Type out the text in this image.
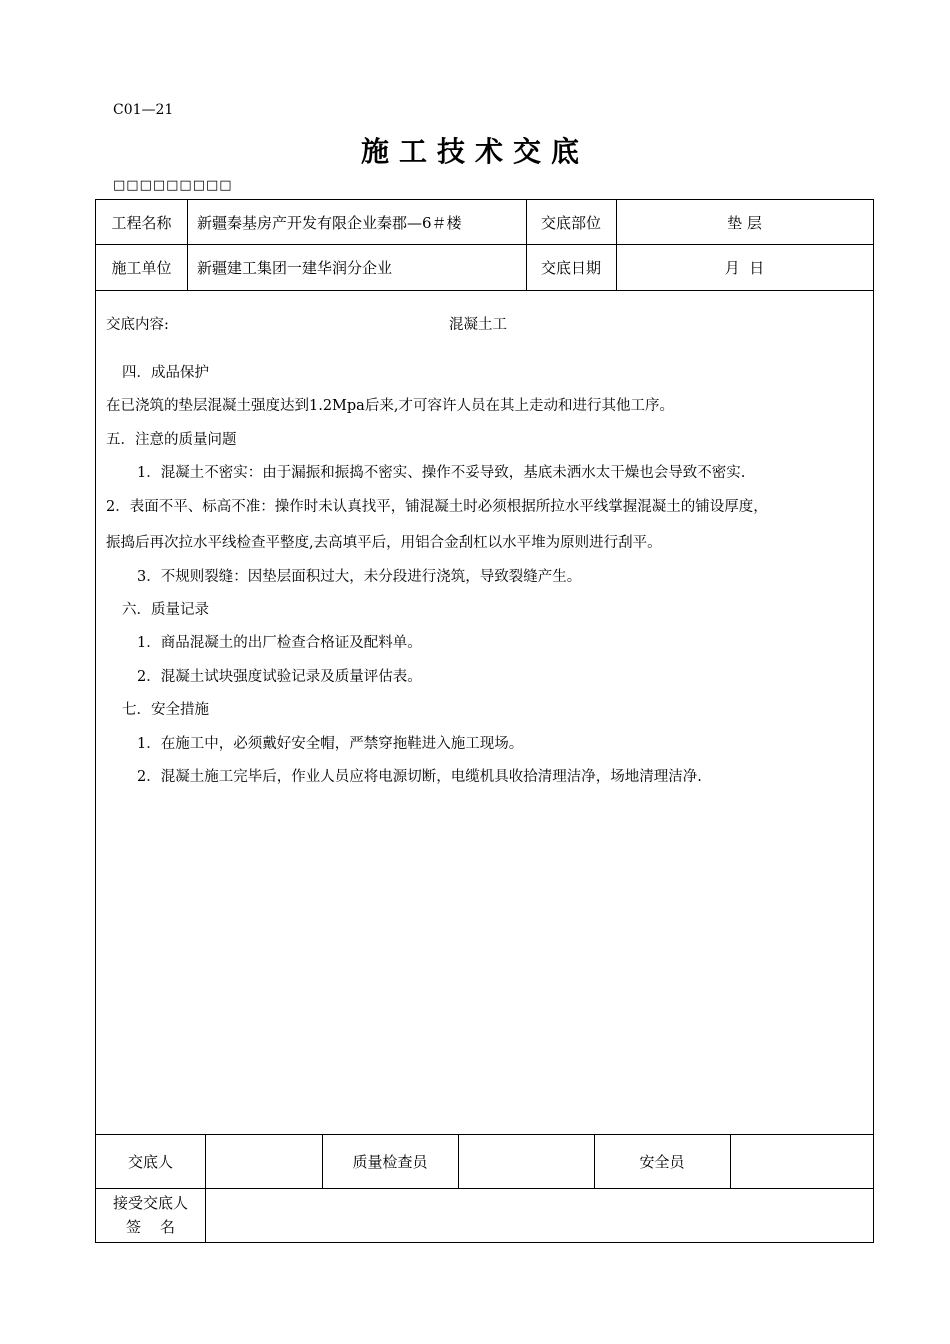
C01—21
施工技术交底
□□□□□□□□□
工程名称	新疆秦基房产开发有限企业秦郡—6＃楼	交底部位	垫 层
施工单位	新疆建工集团一建华润分企业	交底日期	月  日
交底内容:	混凝土工
四．成品保护
在已浇筑的垫层混凝土强度达到1.2Mpa后来,才可容许人员在其上走动和进行其他工序。
五．注意的质量问题
1．混凝土不密实：由于漏振和振捣不密实、操作不妥导致，基底未洒水太干燥也会导致不密实.
2．表面不平、标高不准：操作时未认真找平，铺混凝土时必须根据所拉水平线掌握混凝土的铺设厚度，
振捣后再次拉水平线检查平整度,去高填平后，用铝合金刮杠以水平堆为原则进行刮平。
3．不规则裂缝：因垫层面积过大，未分段进行浇筑，导致裂缝产生。
六．质量记录
1．商品混凝土的出厂检查合格证及配料单。
2．混凝土试块强度试验记录及质量评估表。
七．安全措施
1．在施工中，必须戴好安全帽，严禁穿拖鞋进入施工现场。
2．混凝土施工完毕后，作业人员应将电源切断，电缆机具收拾清理洁净，场地清理洁净.
交底人	质量检查员	安全员
接受交底人
签    名
